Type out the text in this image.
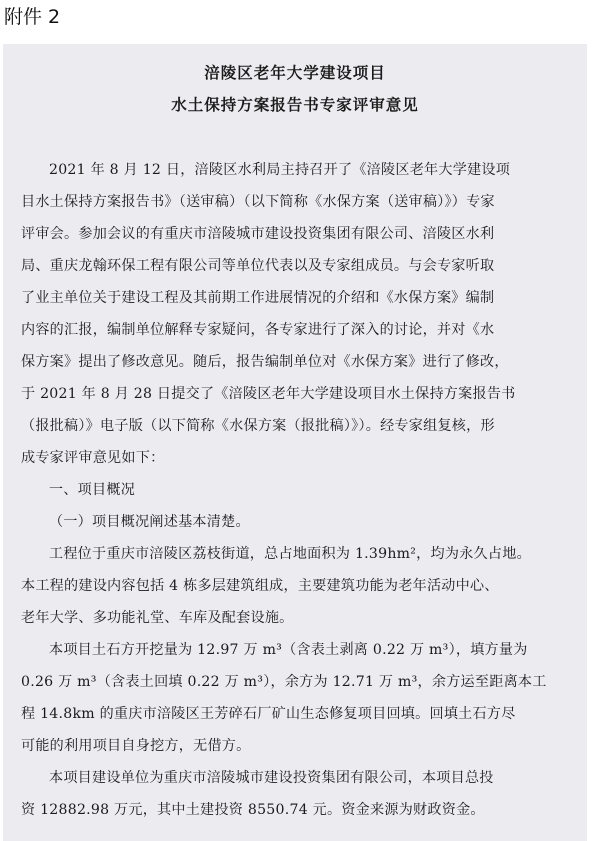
附件 2
涪陵区老年大学建设项目
水土保持方案报告书专家评审意见
2021 年 8 月 12 日，涪陵区水利局主持召开了《涪陵区老年大学建设项
目水土保持方案报告书》（送审稿）（以下简称《水保方案（送审稿）》）专家
评审会。参加会议的有重庆市涪陵城市建设投资集团有限公司、涪陵区水利
局、重庆龙翰环保工程有限公司等单位代表以及专家组成员。与会专家听取
了业主单位关于建设工程及其前期工作进展情况的介绍和《水保方案》编制
内容的汇报，编制单位解释专家疑问，各专家进行了深入的讨论，并对《水
保方案》提出了修改意见。随后，报告编制单位对《水保方案》进行了修改，
于 2021 年 8 月 28 日提交了《涪陵区老年大学建设项目水土保持方案报告书
（报批稿）》电子版（以下简称《水保方案（报批稿）》）。经专家组复核，形
成专家评审意见如下：
一、项目概况
（一）项目概况阐述基本清楚。
工程位于重庆市涪陵区荔枝街道，总占地面积为 1.39hm²，均为永久占地。
本工程的建设内容包括 4 栋多层建筑组成，主要建筑功能为老年活动中心、
老年大学、多功能礼堂、车库及配套设施。
本项目土石方开挖量为 12.97 万 m³（含表土剥离 0.22 万 m³），填方量为
0.26 万 m³（含表土回填 0.22 万 m³），余方为 12.71 万 m³，余方运至距离本工
程 14.8km 的重庆市涪陵区王芳碎石厂矿山生态修复项目回填。回填土石方尽
可能的利用项目自身挖方，无借方。
本项目建设单位为重庆市涪陵城市建设投资集团有限公司，本项目总投
资 12882.98 万元，其中土建投资 8550.74 元。资金来源为财政资金。
